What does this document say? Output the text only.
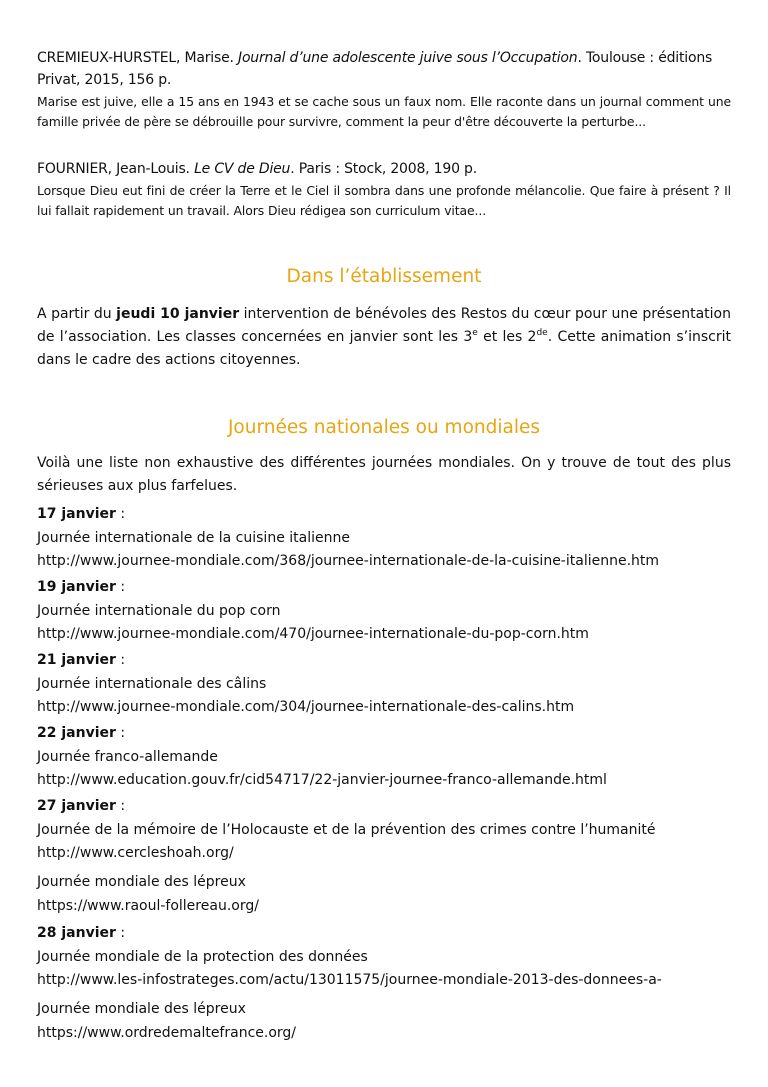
CREMIEUX-HURSTEL, Marise. Journal d’une adolescente juive sous l’Occupation. Toulouse : éditions Privat, 2015, 156 p.
Marise est juive, elle a 15 ans en 1943 et se cache sous un faux nom. Elle raconte dans un journal comment une famille privée de père se débrouille pour survivre, comment la peur d'être découverte la perturbe...
FOURNIER, Jean-Louis. Le CV de Dieu. Paris : Stock, 2008, 190 p.
Lorsque Dieu eut fini de créer la Terre et le Ciel il sombra dans une profonde mélancolie. Que faire à présent ? Il lui fallait rapidement un travail. Alors Dieu rédigea son curriculum vitae...
Dans l’établissement
A partir du jeudi 10 janvier intervention de bénévoles des Restos du cœur pour une présentation de l’association. Les classes concernées en janvier sont les 3e et les 2de. Cette animation s’inscrit dans le cadre des actions citoyennes.
Journées nationales ou mondiales
Voilà une liste non exhaustive des différentes journées mondiales. On y trouve de tout des plus sérieuses aux plus farfelues.
17 janvier :
Journée internationale de la cuisine italienne
http://www.journee-mondiale.com/368/journee-internationale-de-la-cuisine-italienne.htm
19 janvier :
Journée internationale du pop corn
http://www.journee-mondiale.com/470/journee-internationale-du-pop-corn.htm
21 janvier :
Journée internationale des câlins
http://www.journee-mondiale.com/304/journee-internationale-des-calins.htm
22 janvier :
Journée franco-allemande
http://www.education.gouv.fr/cid54717/22-janvier-journee-franco-allemande.html
27 janvier :
Journée de la mémoire de l’Holocauste et de la prévention des crimes contre l’humanité
http://www.cercleshoah.org/
Journée mondiale des lépreux
https://www.raoul-follereau.org/
28 janvier :
Journée mondiale de la protection des données
http://www.les-infostrateges.com/actu/13011575/journee-mondiale-2013-des-donnees-a-
Journée mondiale des lépreux
https://www.ordredemaltefrance.org/
